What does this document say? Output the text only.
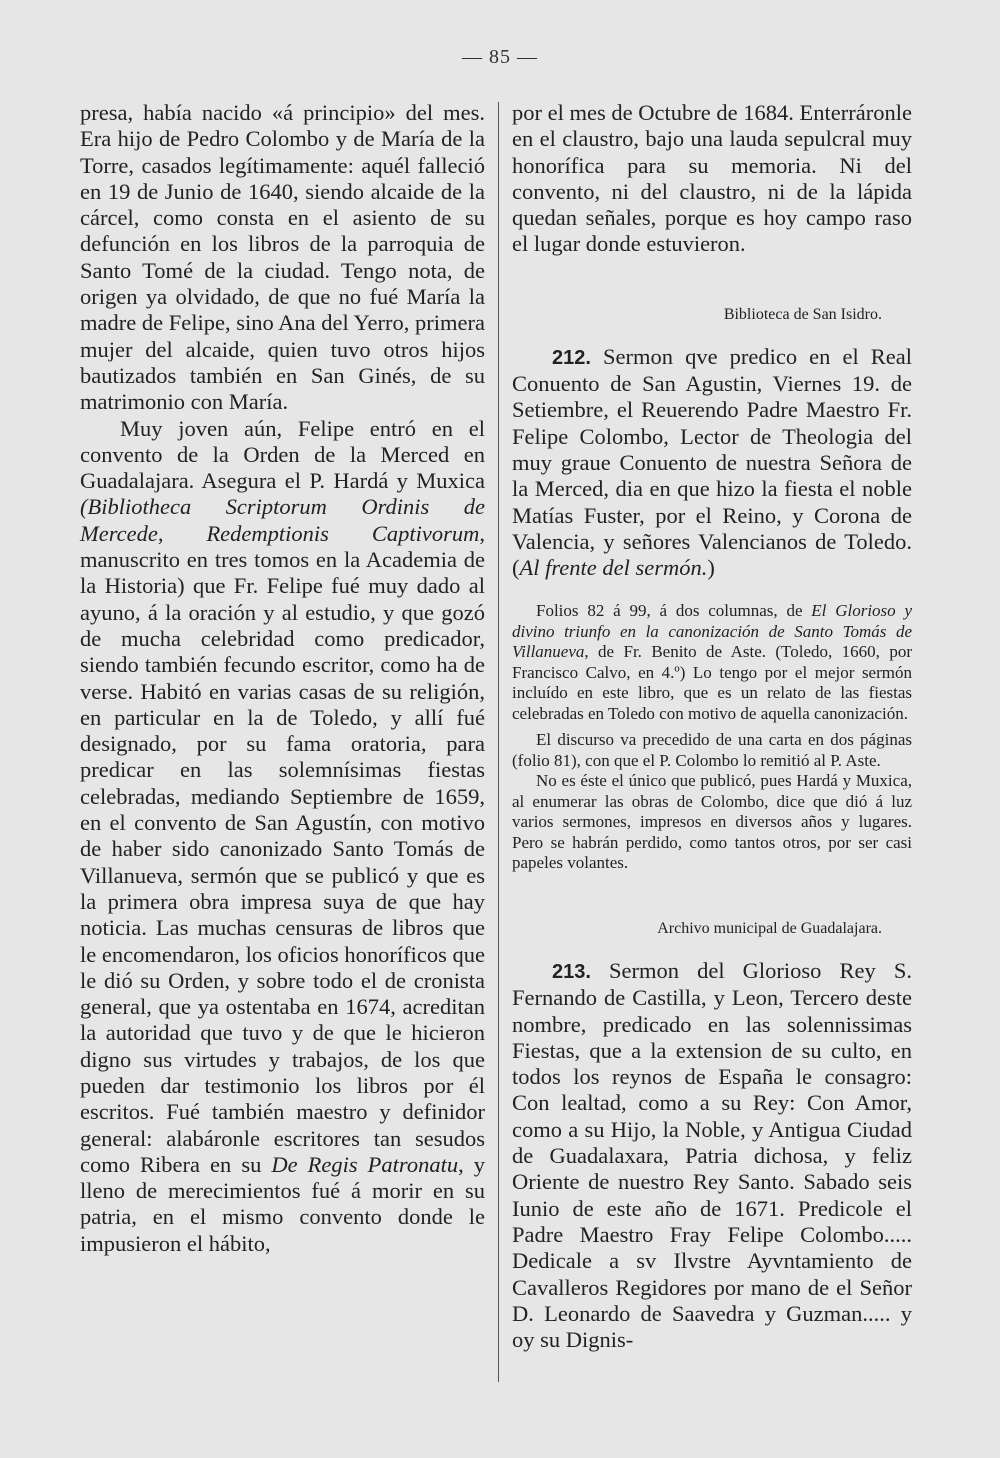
— 85 —

presa, había nacido «á principio» del mes. Era hijo de Pedro Colombo y de María de la Torre, casados legítimamente: aquél falleció en 19 de Junio de 1640, siendo alcaide de la cárcel, como consta en el asiento de su defunción en los libros de la parroquia de Santo Tomé de la ciudad. Tengo nota, de origen ya olvidado, de que no fué María la madre de Felipe, sino Ana del Yerro, primera mujer del alcaide, quien tuvo otros hijos bautizados también en San Ginés, de su matrimonio con María.

Muy joven aún, Felipe entró en el convento de la Orden de la Merced en Guadalajara. Asegura el P. Hardá y Muxica (Bibliotheca Scriptorum Ordinis de Mercede, Redemptionis Captivorum, manuscrito en tres tomos en la Academia de la Historia) que Fr. Felipe fué muy dado al ayuno, á la oración y al estudio, y que gozó de mucha celebridad como predicador, siendo también fecundo escritor, como ha de verse. Habitó en varias casas de su religión, en particular en la de Toledo, y allí fué designado, por su fama oratoria, para predicar en las solemnísimas fiestas celebradas, mediando Septiembre de 1659, en el convento de San Agustín, con motivo de haber sido canonizado Santo Tomás de Villanueva, sermón que se publicó y que es la primera obra impresa suya de que hay noticia. Las muchas censuras de libros que le encomendaron, los oficios honoríficos que le dió su Orden, y sobre todo el de cronista general, que ya ostentaba en 1674, acreditan la autoridad que tuvo y de que le hicieron digno sus virtudes y trabajos, de los que pueden dar testimonio los libros por él escritos. Fué también maestro y definidor general: alabáronle escritores tan sesudos como Ribera en su De Regis Patronatu, y lleno de merecimientos fué á morir en su patria, en el mismo convento donde le impusieron el hábito,

por el mes de Octubre de 1684. Enterráronle en el claustro, bajo una lauda sepulcral muy honorífica para su memoria. Ni del convento, ni del claustro, ni de la lápida quedan señales, porque es hoy campo raso el lugar donde estuvieron.

Biblioteca de San Isidro.

212. Sermon qve predico en el Real Conuento de San Agustin, Viernes 19. de Setiembre, el Reuerendo Padre Maestro Fr. Felipe Colombo, Lector de Theologia del muy graue Conuento de nuestra Señora de la Merced, dia en que hizo la fiesta el noble Matías Fuster, por el Reino, y Corona de Valencia, y señores Valencianos de Toledo. (Al frente del sermón.)

Folios 82 á 99, á dos columnas, de El Glorioso y divino triunfo en la canonización de Santo Tomás de Villanueva, de Fr. Benito de Aste. (Toledo, 1660, por Francisco Calvo, en 4.º) Lo tengo por el mejor sermón incluído en este libro, que es un relato de las fiestas celebradas en Toledo con motivo de aquella canonización.

El discurso va precedido de una carta en dos páginas (folio 81), con que el P. Colombo lo remitió al P. Aste.

No es éste el único que publicó, pues Hardá y Muxica, al enumerar las obras de Colombo, dice que dió á luz varios sermones, impresos en diversos años y lugares. Pero se habrán perdido, como tantos otros, por ser casi papeles volantes.

Archivo municipal de Guadalajara.

213. Sermon del Glorioso Rey S. Fernando de Castilla, y Leon, Tercero deste nombre, predicado en las solennissimas Fiestas, que a la extension de su culto, en todos los reynos de España le consagro: Con lealtad, como a su Rey: Con Amor, como a su Hijo, la Noble, y Antigua Ciudad de Guadalaxara, Patria dichosa, y feliz Oriente de nuestro Rey Santo. Sabado seis Iunio de este año de 1671. Predicole el Padre Maestro Fray Felipe Colombo..... Dedicale a sv Ilvstre Ayvntamiento de Cavalleros Regidores por mano de el Señor D. Leonardo de Saavedra y Guzman..... y oy su Dignis-
